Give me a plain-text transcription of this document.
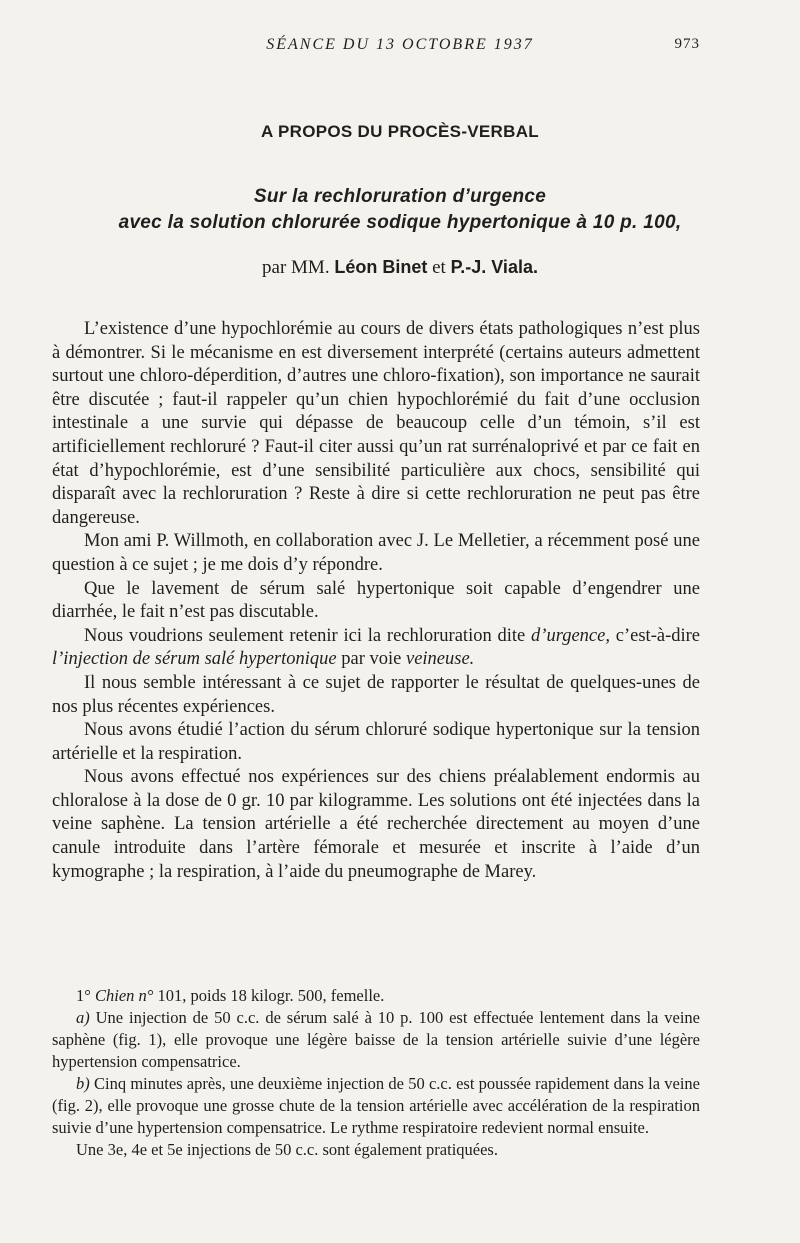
SÉANCE DU 13 OCTOBRE 1937	973
A PROPOS DU PROCÈS-VERBAL
Sur la rechloruration d’urgence
avec la solution chlorurée sodique hypertonique à 10 p. 100,
par MM. Léon Binet et P.-J. Viala.

L’existence d’une hypochlorémie au cours de divers états pathologiques n’est plus à démontrer. Si le mécanisme en est diversement interprété (certains auteurs admettent surtout une chloro-déperdition, d’autres une chloro-fixation), son importance ne saurait être discutée ; faut-il rappeler qu’un chien hypochlorémié du fait d’une occlusion intestinale a une survie qui dépasse de beaucoup celle d’un témoin, s’il est artificiellement rechloruré ? Faut-il citer aussi qu’un rat surrénaloprivé et par ce fait en état d’hypochlorémie, est d’une sensibilité particulière aux chocs, sensibilité qui disparaît avec la rechloruration ? Reste à dire si cette rechloruration ne peut pas être dangereuse.

Mon ami P. Willmoth, en collaboration avec J. Le Melletier, a récemment posé une question à ce sujet ; je me dois d’y répondre.

Que le lavement de sérum salé hypertonique soit capable d’engendrer une diarrhée, le fait n’est pas discutable.

Nous voudrions seulement retenir ici la rechloruration dite d’urgence, c’est-à-dire l’injection de sérum salé hypertonique par voie veineuse.

Il nous semble intéressant à ce sujet de rapporter le résultat de quelques-unes de nos plus récentes expériences.

Nous avons étudié l’action du sérum chloruré sodique hypertonique sur la tension artérielle et la respiration.

Nous avons effectué nos expériences sur des chiens préalablement endormis au chloralose à la dose de 0 gr. 10 par kilogramme. Les solutions ont été injectées dans la veine saphène. La tension artérielle a été recherchée directement au moyen d’une canule introduite dans l’artère fémorale et mesurée et inscrite à l’aide d’un kymographe ; la respiration, à l’aide du pneumographe de Marey.

1° Chien n° 101, poids 18 kilogr. 500, femelle.

a) Une injection de 50 c.c. de sérum salé à 10 p. 100 est effectuée lentement dans la veine saphène (fig. 1), elle provoque une légère baisse de la tension artérielle suivie d’une légère hypertension compensatrice.

b) Cinq minutes après, une deuxième injection de 50 c.c. est poussée rapidement dans la veine (fig. 2), elle provoque une grosse chute de la tension artérielle avec accélération de la respiration suivie d’une hypertension compensatrice. Le rythme respiratoire redevient normal ensuite.

Une 3e, 4e et 5e injections de 50 c.c. sont également pratiquées.
